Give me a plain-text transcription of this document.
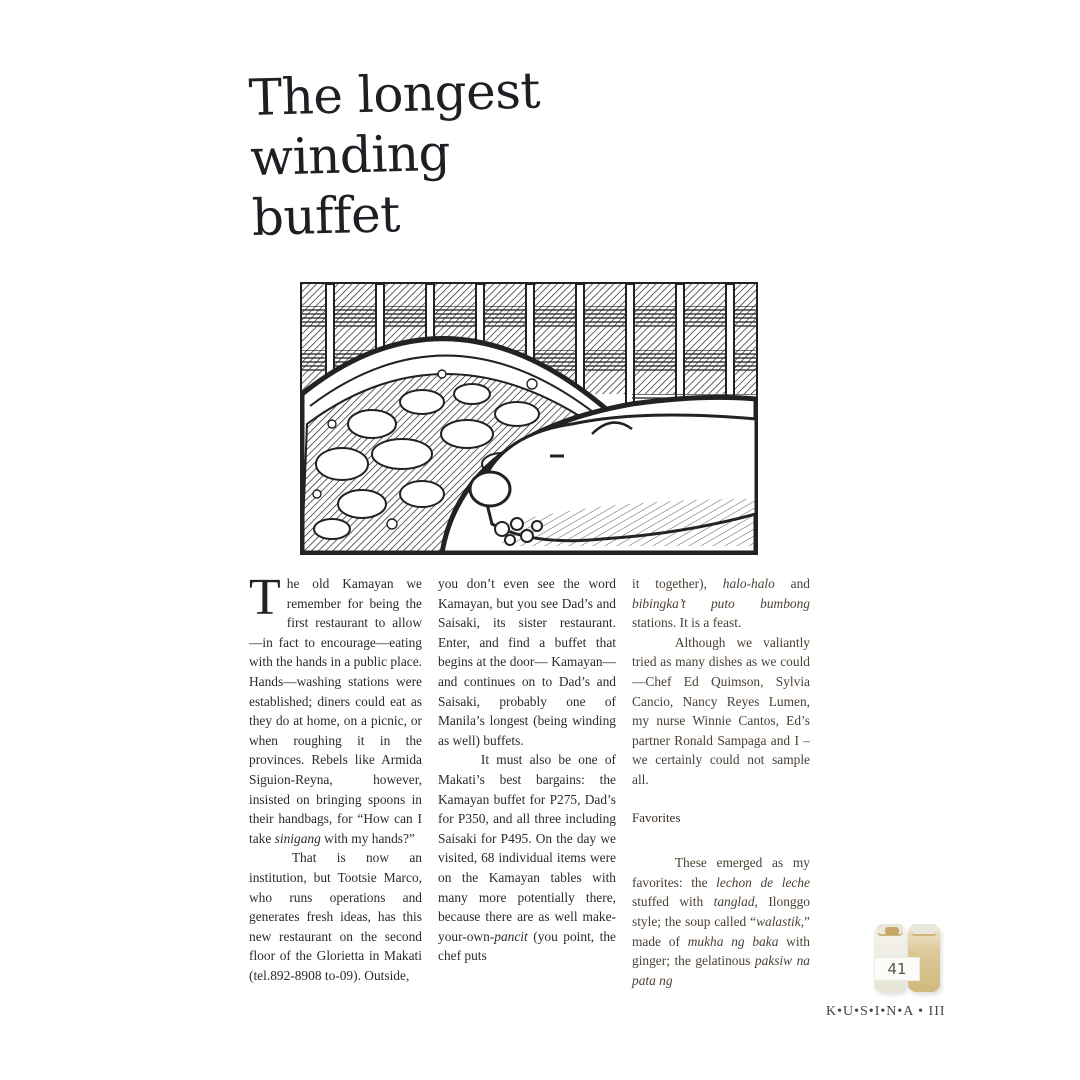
The longest
winding
buffet

The old Kamayan we remember for being the first restaurant to allow—in fact to encourage—eating with the hands in a public place. Hands—washing stations were established; diners could eat as they do at home, on a picnic, or when roughing it in the provinces. Rebels like Armida Siguion-Reyna, however, insisted on bringing spoons in their handbags, for “How can I take sinigang with my hands?”

That is now an institution, but Tootsie Marco, who runs operations and generates fresh ideas, has this new restaurant on the second floor of the Glorietta in Makati (tel.892-8908 to-09). Outside,

you don’t even see the word Kamayan, but you see Dad’s and Saisaki, its sister restaurant. Enter, and find a buffet that begins at the door— Kamayan—and continues on to Dad’s and Saisaki, probably one of Manila’s longest (being winding as well) buffets.

It must also be one of Makati’s best bargains: the Kamayan buffet for P275, Dad’s for P350, and all three including Saisaki for P495. On the day we visited, 68 individual items were on the Kamayan tables with many more potentially there, because there are as well make-your-own-pancit (you point, the chef puts

it together), halo-halo and bibingka’t puto bumbong stations. It is a feast.

Although we valiantly tried as many dishes as we could—Chef Ed Quimson, Sylvia Cancio, Nancy Reyes Lumen, my nurse Winnie Cantos, Ed’s partner Ronald Sampaga and I – we certainly could not sample all.

Favorites

These emerged as my favorites: the lechon de leche stuffed with tanglad, Ilonggo style; the soup called “walastik,” made of mukha ng baka with ginger; the gelatinous paksiw na pata ng

41
K•U•S•I•N•A • III
